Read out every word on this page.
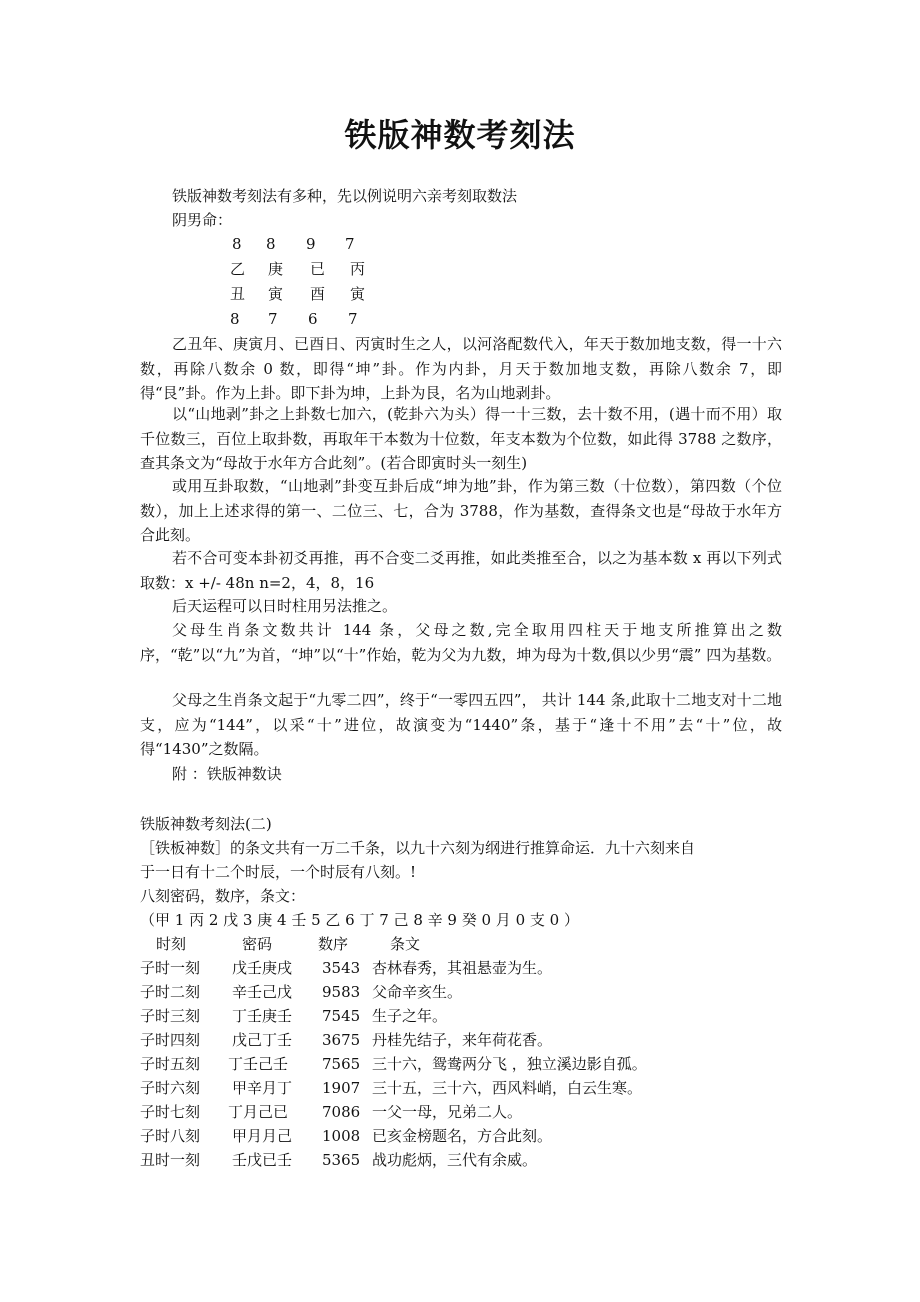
铁版神数考刻法
铁版神数考刻法有多种，先以例说明六亲考刻取数法
阴男命：
8 8 9 7
乙 庚 已 丙
丑 寅 酉 寅
8 7 6 7
乙丑年、庚寅月、已酉日、丙寅时生之人，以河洛配数代入，年天于数加地支数，得一十六数，再除八数余 0 数，即得“坤”卦。作为内卦，月天于数加地支数，再除八数余 7，即得“艮”卦。作为上卦。即下卦为坤，上卦为艮，名为山地剥卦。
以“山地剥”卦之上卦数七加六，(乾卦六为头）得一十三数，去十数不用，(遇十而不用）取千位数三，百位上取卦数，再取年干本数为十位数，年支本数为个位数，如此得 3788 之数序，查其条文为“母故于水年方合此刻”。(若合即寅时头一刻生)
或用互卦取数，“山地剥”卦变互卦后成“坤为地”卦，作为第三数（十位数），第四数（个位数），加上上述求得的第一、二位三、七，合为 3788，作为基数，查得条文也是“母故于水年方合此刻。
若不合可变本卦初爻再推，再不合变二爻再推，如此类推至合，以之为基本数 x 再以下列式取数：x +/- 48n n=2，4，8，16
后天运程可以日时柱用另法推之。
父母生肖条文数共计 144 条，父母之数,完全取用四柱天于地支所推算出之数序，“乾”以“九”为首，“坤”以“十”作始，乾为父为九数，坤为母为十数,俱以少男“震” 四为基数。
父母之生肖条文起于“九零二四”，终于“一零四五四”， 共计 144 条,此取十二地支对十二地支，应为“144”，以采“十”进位，故演变为“1440”条，基于“逢十不用”去“十”位，故得“1430”之数隔。
附 ：铁版神数诀
铁版神数考刻法(二)
［铁板神数］的条文共有一万二千条，以九十六刻为纲进行推算命运．九十六刻来自
于一日有十二个时辰，一个时辰有八刻。!
八刻密码，数序，条文：
（甲 1 丙 2 戊 3 庚 4 壬 5 乙 6 丁 7 己 8 辛 9 癸 0 月 0 支 0 ）
时刻	密码	数序	条文
子时一刻 戊壬庚戌 3543 杏林春秀，其祖悬壶为生。
子时二刻 辛壬己戊 9583 父命辛亥生。
子时三刻 丁壬庚壬 7545 生子之年。
子时四刻 戊己丁壬 3675 丹桂先结子，来年荷花香。
子时五刻 丁壬己壬 7565 三十六，鸳鸯两分飞 ，独立溪边影自孤。
子时六刻 甲辛月丁 1907 三十五，三十六，西风料峭，白云生寒。
子时七刻 丁月己已 7086 一父一母，兄弟二人。
子时八刻 甲月月己 1008 已亥金榜题名，方合此刻。
丑时一刻 壬戊已壬 5365 战功彪炳，三代有余威。
